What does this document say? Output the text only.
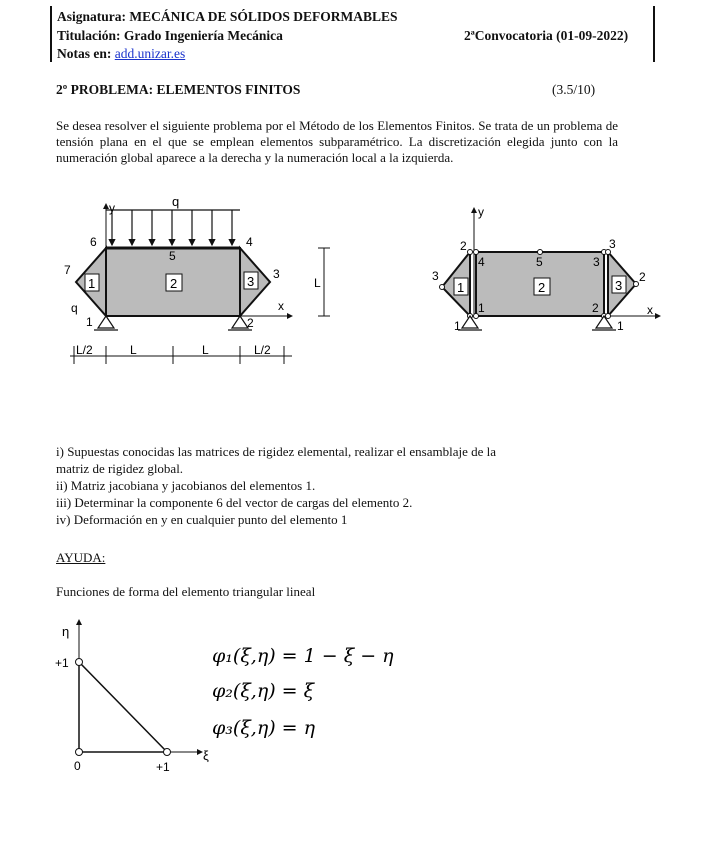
Asignatura: MECÁNICA DE SÓLIDOS DEFORMABLES
Titulación: Grado Ingeniería Mecánica	2ªConvocatoria (01-09-2022)
Notas en: add.unizar.es
2º PROBLEMA: ELEMENTOS FINITOS	(3.5/10)
Se desea resolver el siguiente problema por el Método de los Elementos Finitos. Se trata de un problema de tensión plana en el que se emplean elementos subparamétrico. La discretización elegida junto con la numeración global aparece a la derecha y la numeración local a la izquierda.
q
y
x
1	2	3
1	2
3
4
5
6
7
q
L
L/2	L	L	L/2
y
x
1	2	3
1
2
3
1	2
3
4	5
1
2
3
i) Supuestas conocidas las matrices de rigidez elemental, realizar el ensamblaje de la
matriz de rigidez global.
ii) Matriz jacobiana y jacobianos del elementos 1.
iii) Determinar la componente 6 del vector de cargas del elemento 2.
iv) Deformación en y en cualquier punto del elemento 1
AYUDA:
Funciones de forma del elemento triangular lineal
η
ξ
+1
0	+1
φ₁(ξ,η) = 1 − ξ − η
φ₂(ξ,η) = ξ
φ₃(ξ,η) = η
